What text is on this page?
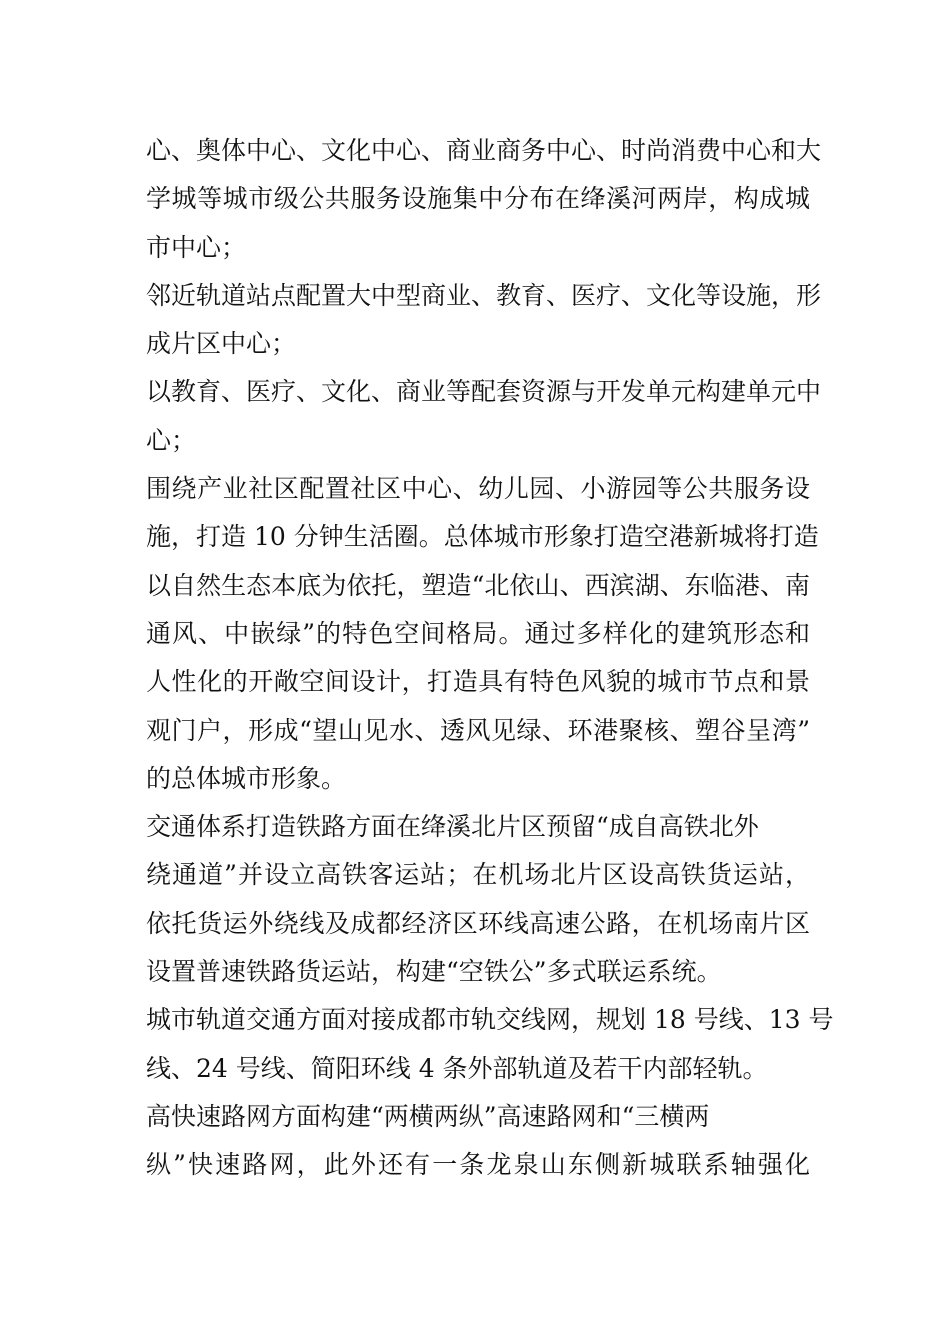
心、奥体中心、文化中心、商业商务中心、时尚消费中心和大
学城等城市级公共服务设施集中分布在绛溪河两岸，构成城
市中心；
邻近轨道站点配置大中型商业、教育、医疗、文化等设施，形
成片区中心；
以教育、医疗、文化、商业等配套资源与开发单元构建单元中
心；
围绕产业社区配置社区中心、幼儿园、小游园等公共服务设
施，打造 10 分钟生活圈。总体城市形象打造空港新城将打造
以自然生态本底为依托，塑造“北依山、西滨湖、东临港、南
通风、中嵌绿”的特色空间格局。通过多样化的建筑形态和
人性化的开敞空间设计，打造具有特色风貌的城市节点和景
观门户，形成“望山见水、透风见绿、环港聚核、塑谷呈湾”
的总体城市形象。
交通体系打造铁路方面在绛溪北片区预留“成自高铁北外
绕通道”并设立高铁客运站；在机场北片区设高铁货运站，
依托货运外绕线及成都经济区环线高速公路，在机场南片区
设置普速铁路货运站，构建“空铁公”多式联运系统。
城市轨道交通方面对接成都市轨交线网，规划 18 号线、13 号
线、24 号线、简阳环线 4 条外部轨道及若干内部轻轨。
高快速路网方面构建“两横两纵”高速路网和“三横两
纵”快速路网，此外还有一条龙泉山东侧新城联系轴强化
